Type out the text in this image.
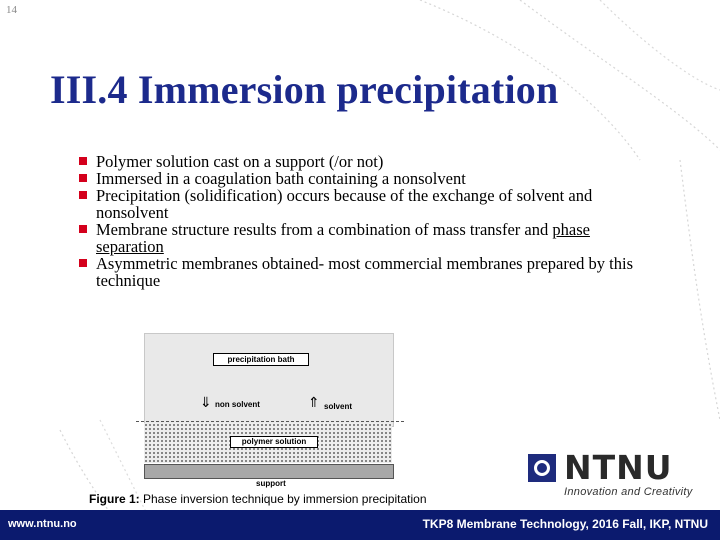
14
III.4 Immersion precipitation
Polymer solution cast on a support (/or not)
Immersed in a coagulation bath containing a nonsolvent
Precipitation (solidification) occurs because of the exchange of solvent and nonsolvent
Membrane structure results from a combination of mass transfer and phase separation
Asymmetric membranes obtained- most commercial membranes prepared by this technique
precipitation bath
⇓ non solvent	⇑ solvent
polymer solution
support
Figure 1: Phase inversion technique by immersion precipitation
NTNU
Innovation and Creativity
www.ntnu.no	TKP8 Membrane Technology, 2016 Fall, IKP, NTNU
